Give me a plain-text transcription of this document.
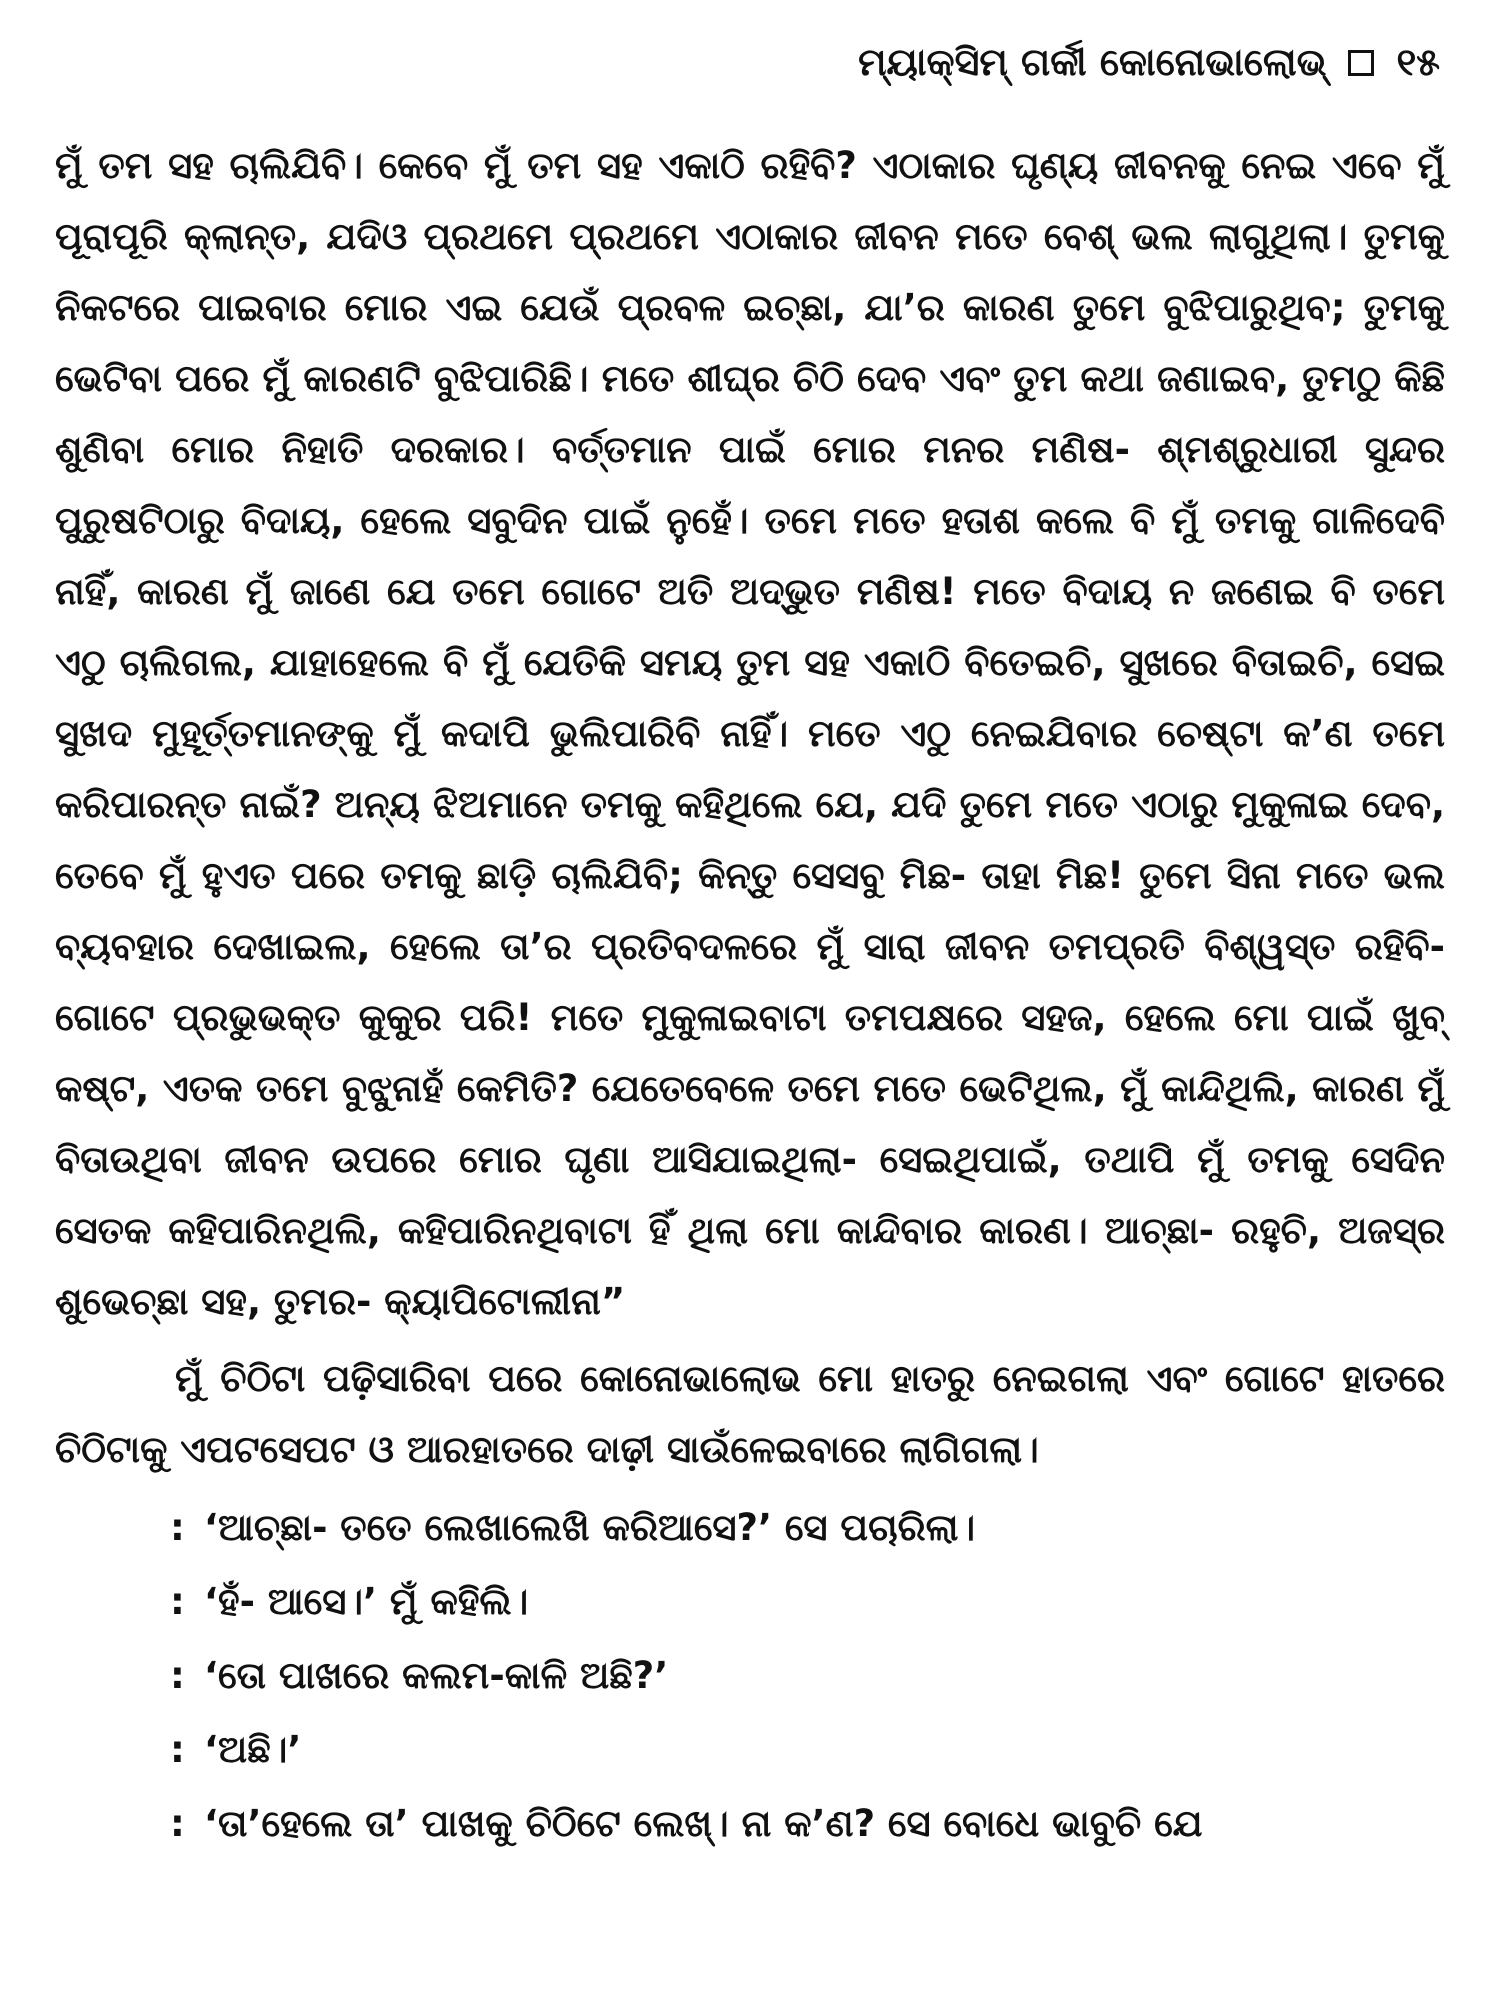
ମ୍ୟାକ୍ସିମ୍ ଗର୍କୀ କୋନୋଭାଲୋଭ୍ ୧୫

ମୁଁ ତମ ସହ ଚାଲିଯିବି। କେବେ ମୁଁ ତମ ସହ ଏକାଠି ରହିବି? ଏଠାକାର ଘୃଣ୍ୟ ଜୀବନକୁ ନେଇ ଏବେ ମୁଁ ପୂରାପୂରି କ୍ଲାନ୍ତ, ଯଦିଓ ପ୍ରଥମେ ପ୍ରଥମେ ଏଠାକାର ଜୀବନ ମତେ ବେଶ୍ ଭଲ ଲାଗୁଥିଲା। ତୁମକୁ ନିକଟରେ ପାଇବାର ମୋର ଏଇ ଯେଉଁ ପ୍ରବଳ ଇଚ୍ଛା, ଯା’ର କାରଣ ତୁମେ ବୁଝିପାରୁଥିବ; ତୁମକୁ ଭେଟିବା ପରେ ମୁଁ କାରଣଟି ବୁଝିପାରିଛି। ମତେ ଶୀଘ୍ର ଚିଠି ଦେବ ଏବଂ ତୁମ କଥା ଜଣାଇବ, ତୁମଠୁ କିଛି ଶୁଣିବା ମୋର ନିହାତି ଦରକାର। ବର୍ତ୍ତମାନ ପାଇଁ ମୋର ମନର ମଣିଷ- ଶ୍ମଶ୍ରୁଧାରୀ ସୁନ୍ଦର ପୁରୁଷଟିଠାରୁ ବିଦାୟ, ହେଲେ ସବୁଦିନ ପାଇଁ ନୁହେଁ। ତମେ ମତେ ହତାଶ କଲେ ବି ମୁଁ ତମକୁ ଗାଳିଦେବି ନାହିଁ, କାରଣ ମୁଁ ଜାଣେ ଯେ ତମେ ଗୋଟେ ଅତି ଅଦ୍ଭୁତ ମଣିଷ! ମତେ ବିଦାୟ ନ ଜଣେଇ ବି ତମେ ଏଠୁ ଚାଲିଗଲ, ଯାହାହେଲେ ବି ମୁଁ ଯେତିକି ସମୟ ତୁମ ସହ ଏକାଠି ବିତେଇଚି, ସୁଖରେ ବିତାଇଚି, ସେଇ ସୁଖଦ ମୁହୂର୍ତ୍ତମାନଙ୍କୁ ମୁଁ କଦାପି ଭୁଲିପାରିବି ନାହିଁ। ମତେ ଏଠୁ ନେଇଯିବାର ଚେଷ୍ଟା କ’ଣ ତମେ କରିପାରନ୍ତ ନାଇଁ? ଅନ୍ୟ ଝିଅମାନେ ତମକୁ କହିଥିଲେ ଯେ, ଯଦି ତୁମେ ମତେ ଏଠାରୁ ମୁକୁଳାଇ ଦେବ, ତେବେ ମୁଁ ହୁଏତ ପରେ ତମକୁ ଛାଡ଼ି ଚାଲିଯିବି; କିନ୍ତୁ ସେସବୁ ମିଛ- ତାହା ମିଛ! ତୁମେ ସିନା ମତେ ଭଲ ବ୍ୟବହାର ଦେଖାଇଲ, ହେଲେ ତା’ର ପ୍ରତିବଦଳରେ ମୁଁ ସାରା ଜୀବନ ତମପ୍ରତି ବିଶ୍ୱସ୍ତ ରହିବି- ଗୋଟେ ପ୍ରଭୁଭକ୍ତ କୁକୁର ପରି! ମତେ ମୁକୁଳାଇବାଟା ତମପକ୍ଷରେ ସହଜ, ହେଲେ ମୋ ପାଇଁ ଖୁବ୍ କଷ୍ଟ, ଏତକ ତମେ ବୁଝୁନାହଁ କେମିତି? ଯେତେବେଳେ ତମେ ମତେ ଭେଟିଥିଲ, ମୁଁ କାନ୍ଦିଥିଲି, କାରଣ ମୁଁ ବିତାଉଥିବା ଜୀବନ ଉପରେ ମୋର ଘୃଣା ଆସିଯାଇଥିଲା- ସେଇଥିପାଇଁ, ତଥାପି ମୁଁ ତମକୁ ସେଦିନ ସେତକ କହିପାରିନଥିଲି, କହିପାରିନଥିବାଟା ହିଁ ଥିଲା ମୋ କାନ୍ଦିବାର କାରଣ। ଆଚ୍ଛା- ରହୁଚି, ଅଜସ୍ର ଶୁଭେଚ୍ଛା ସହ, ତୁମର- କ୍ୟାପିଟୋଲୀନା”

ମୁଁ ଚିଠିଟା ପଢ଼ିସାରିବା ପରେ କୋନୋଭାଲୋଭ ମୋ ହାତରୁ ନେଇଗଲା ଏବଂ ଗୋଟେ ହାତରେ ଚିଠିଟାକୁ ଏପଟସେପଟ ଓ ଆରହାତରେ ଦାଢ଼ୀ ସାଉଁଳେଇବାରେ ଲାଗିଗଲା।

: ‘ଆଚ୍ଛା- ତତେ ଲେଖାଲେଖି କରିଆସେ?’ ସେ ପଚାରିଲା।
: ‘ହଁ- ଆସେ।’ ମୁଁ କହିଲି।
: ‘ତୋ ପାଖରେ କଲମ-କାଳି ଅଛି?’
: ‘ଅଛି।’
: ‘ତା’ହେଲେ ତା’ ପାଖକୁ ଚିଠିଟେ ଲେଖ୍। ନା କ’ଣ? ସେ ବୋଧେ ଭାବୁଚି ଯେ
